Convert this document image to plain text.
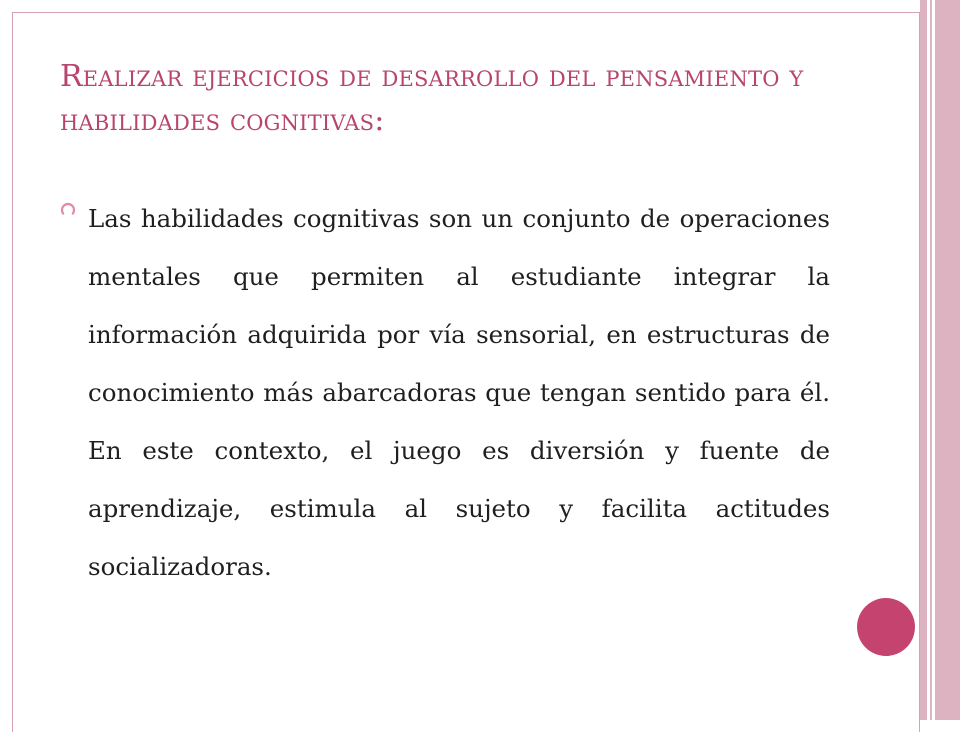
Realizar ejercicios de desarrollo del pensamiento y habilidades cognitivas:

Las habilidades cognitivas son un conjunto de operaciones mentales que permiten al estudiante integrar la información adquirida por vía sensorial, en estructuras de conocimiento más abarcadoras que tengan sentido para él. En este contexto, el juego es diversión y fuente de aprendizaje, estimula al sujeto y facilita actitudes socializadoras.
